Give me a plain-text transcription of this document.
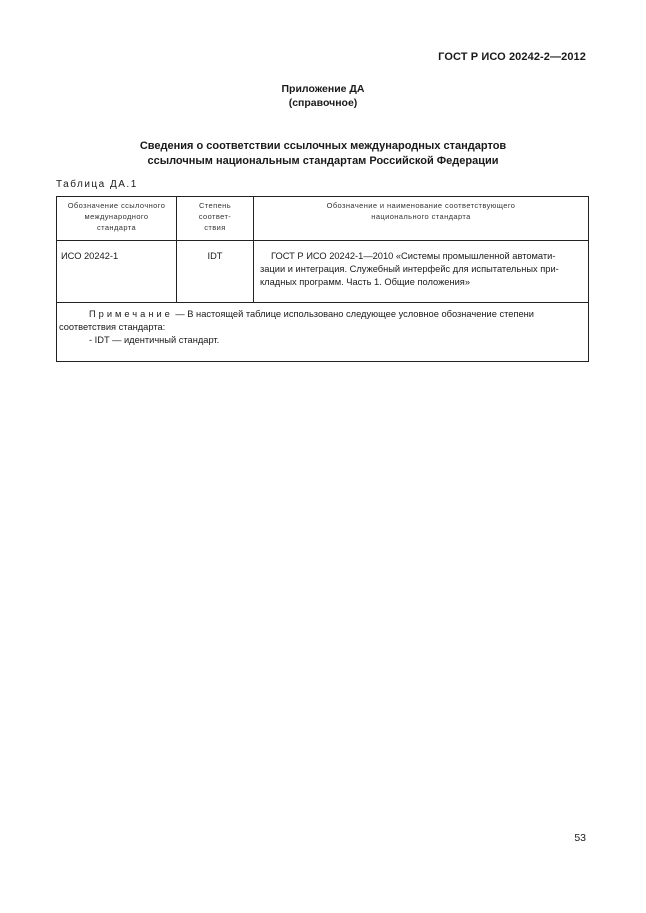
ГОСТ Р ИСО 20242-2—2012
Приложение ДА
(справочное)
Сведения о соответствии ссылочных международных стандартов
ссылочным национальным стандартам Российской Федерации
Таблица ДА.1
Обозначение ссылочного
международного
стандарта	Степень
соответ-
ствия	Обозначение и наименование соответствующего
национального стандарта

ИСО 20242-1	IDT	ГОСТ Р ИСО 20242-1—2010 «Системы промышленной автомати-
зации и интеграция. Служебный интерфейс для испытательных при-
кладных программ. Часть 1. Общие положения»

Примечание — В настоящей таблице использовано следующее условное обозначение степени
соответствия стандарта:
- IDT — идентичный стандарт.		
53
